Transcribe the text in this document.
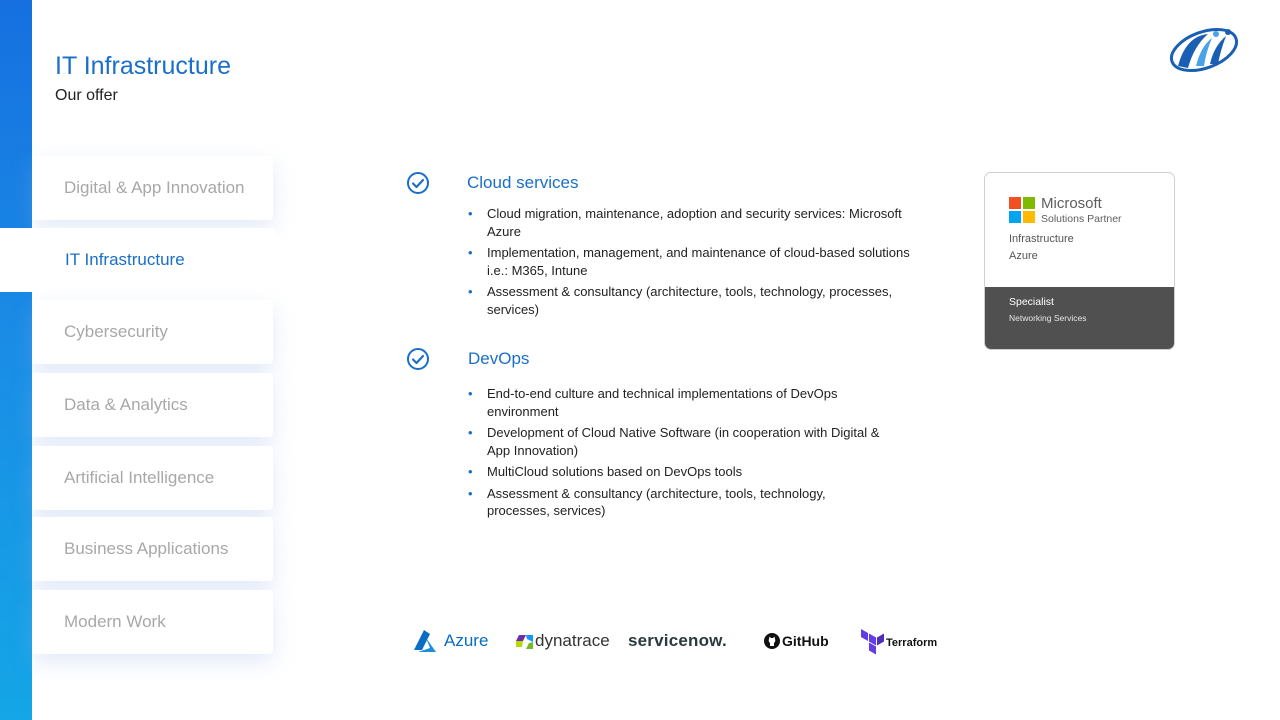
IT Infrastructure
Our offer
Digital & App Innovation
IT Infrastructure
Cybersecurity
Data & Analytics
Artificial Intelligence
Business Applications
Modern Work
Cloud services
• Cloud migration, maintenance, adoption and security services: Microsoft Azure
• Implementation, management, and maintenance of cloud-based solutions i.e.: M365, Intune
• Assessment & consultancy (architecture, tools, technology, processes, services)
DevOps
• End-to-end culture and technical implementations of DevOps environment
• Development of Cloud Native Software (in cooperation with Digital & App Innovation)
• MultiCloud solutions based on DevOps tools
• Assessment & consultancy (architecture, tools, technology, processes, services)
Microsoft
Solutions Partner
Infrastructure
Azure
Specialist
Networking Services
Azure	dynatrace servicenow.	GitHub	Terraform
